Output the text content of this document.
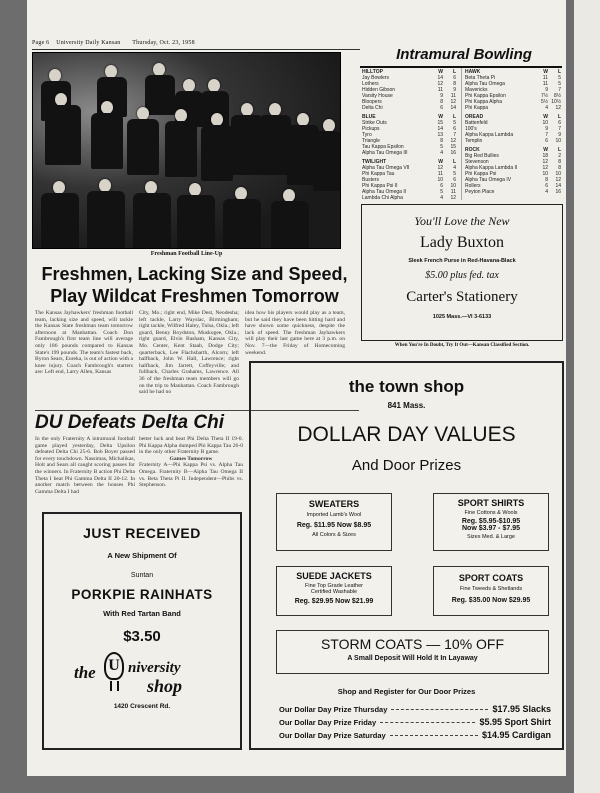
Page 6 University Daily Kansan Thursday, Oct. 23, 1958
Freshman Football Line-Up
Freshmen, Lacking Size and Speed,
Play Wildcat Freshmen Tomorrow
The Kansas Jayhawkers' freshman football team, lacking size and speed, will tackle the Kansas State freshman team tomorrow afternoon at Manhattan. Coach Don Fambrough's first team line will average only 186 pounds compared to Kansas State's 199 pounds. The team's fastest back, Byron Sears, Eureka, is out of action with a knee injury. Coach Fambrough's starters are: Left end, Larry Allen, Kansas
City, Mo.; right end, Mike Dest, Neodesha; left tackle, Larry Wayslac, Birmingham; right tackle, Wilfred Haley, Tulsa, Okla.; left guard, Benny Boydston, Muskogee, Okla.; right guard, Elvin Basham, Kansas City, Mo. Center, Kent Staab, Dodge City; quarterback, Lee Flachsbarth, Alcorn; left halfback, John W. Hall, Lawrence; right halfback, Jim Jarrett, Coffeyville; and fullback, Charles Grahams, Lawrence. All 36 of the freshman team members will go on the trip to Manhattan. Coach Fambrough said he had no
idea how his players would play as a team, but he said they have been hitting hard and have shown some quickness, despite the lack of speed. The freshman Jayhawkers will play their last game here at 3 p.m. on Nov. 7—the Friday of Homecoming weekend.
DU Defeats Delta Chi
In the only Fraternity A intramural football game played yesterday, Delta Upsilon defeated Delta Chi 25-6. Bob Boyer passed for every touchdown. Nassimas, Michalikas, Holt and Sears all caught scoring passes for the winners. In Fraternity B action Phi Delta Theta I beat Phi Gamma Delta II 20-12. In another match between the houses Phi Gamma Delta I had
better luck and beat Phi Delta Theta II 19-0. Phi Kappa Alpha dumped Phi Kappa Tau 26-0 in the only other Fraternity B game.
Games Tomorrow
Fraternity A—Phi Kappa Psi vs. Alpha Tau Omega. Fraternity B—Alpha Tau Omega II vs. Beta Theta Pi II. Independent—Phibs vs. Stephenson.
Intramural Bowling
HILLTOP	W	L
Jay Bowlers	14	6
Lothers	12	8
Hidden Gibson	11	9
Varsity House	9	11
Bloopers	8	12
Delta Chi	6	14
BLUE	W	L
Strike Outs	15	5
Pickups	14	6
Tyro	13	7
Triangle	8	12
Tau Kappa Epsilon	5	15
Alpha Tau Omega III	4	16
TWILIGHT	W	L
Alpha Tau Omega VII	12	4
Phi Kappa Tau	11	5
Busters	10	6
Phi Kappa Psi II	6	10
Alpha Tau Omega II	5	11
Lambda Chi Alpha	4	12
HAWK	W	L
Beta Theta Pi	11	5
Alpha Tau Omega	11	5
Mavericks	9	7
Phi Kappa Epsilon	7½	8½
Phi Kappa Alpha	5½ 10½
Phi Kappa	4	12
OREAD	W	L
Battenfeld	10	6
100's	9	7
Alpha Kappa Lambda	7	9
Templin	6	10
ROCK	W	L
Big Red Bullies	18	2
Stevenson	12	8
Alpha Kappa Lambda II	12	8
Phi Kappa Psi	10	10
Alpha Tau Omega IV	8	12
Rollers	6	14
Peyton Place	4	16
You'll Love the New
Lady Buxton
Sleek French Purse in Red-Havana-Black
$5.00 plus fed. tax
Carter's Stationery
1025 Mass.—VI 3-6133
When You're In Doubt, Try It Out—Kansan Classified Section.
the town shop
841 Mass.
DOLLAR DAY VALUES
And Door Prizes
SWEATERS
Imported Lamb's Wool
Reg. $11.95 Now $8.95
All Colors & Sizes
SPORT SHIRTS
Fine Cottons & Wools
Reg. $5.95-$10.95
Now $3.97 - $7.95
Sizes Med. & Large
SUEDE JACKETS
Fine Top Grade Leather
Certified Washable
Reg. $29.95 Now $21.99
SPORT COATS
Fine Tweeds & Shetlands
Reg. $35.00 Now $29.95
STORM COATS — 10% OFF
A Small Deposit Will Hold It In Layaway
Shop and Register for Our Door Prizes
Our Dollar Day Prize Thursday	$17.95 Slacks
Our Dollar Day Prize Friday	$5.95 Sport Shirt
Our Dollar Day Prize Saturday	$14.95 Cardigan
JUST RECEIVED
A New Shipment Of
Suntan
PORKPIE RAINHATS
With Red Tartan Band
$3.50
the U niversity
shop
1420 Crescent Rd.
